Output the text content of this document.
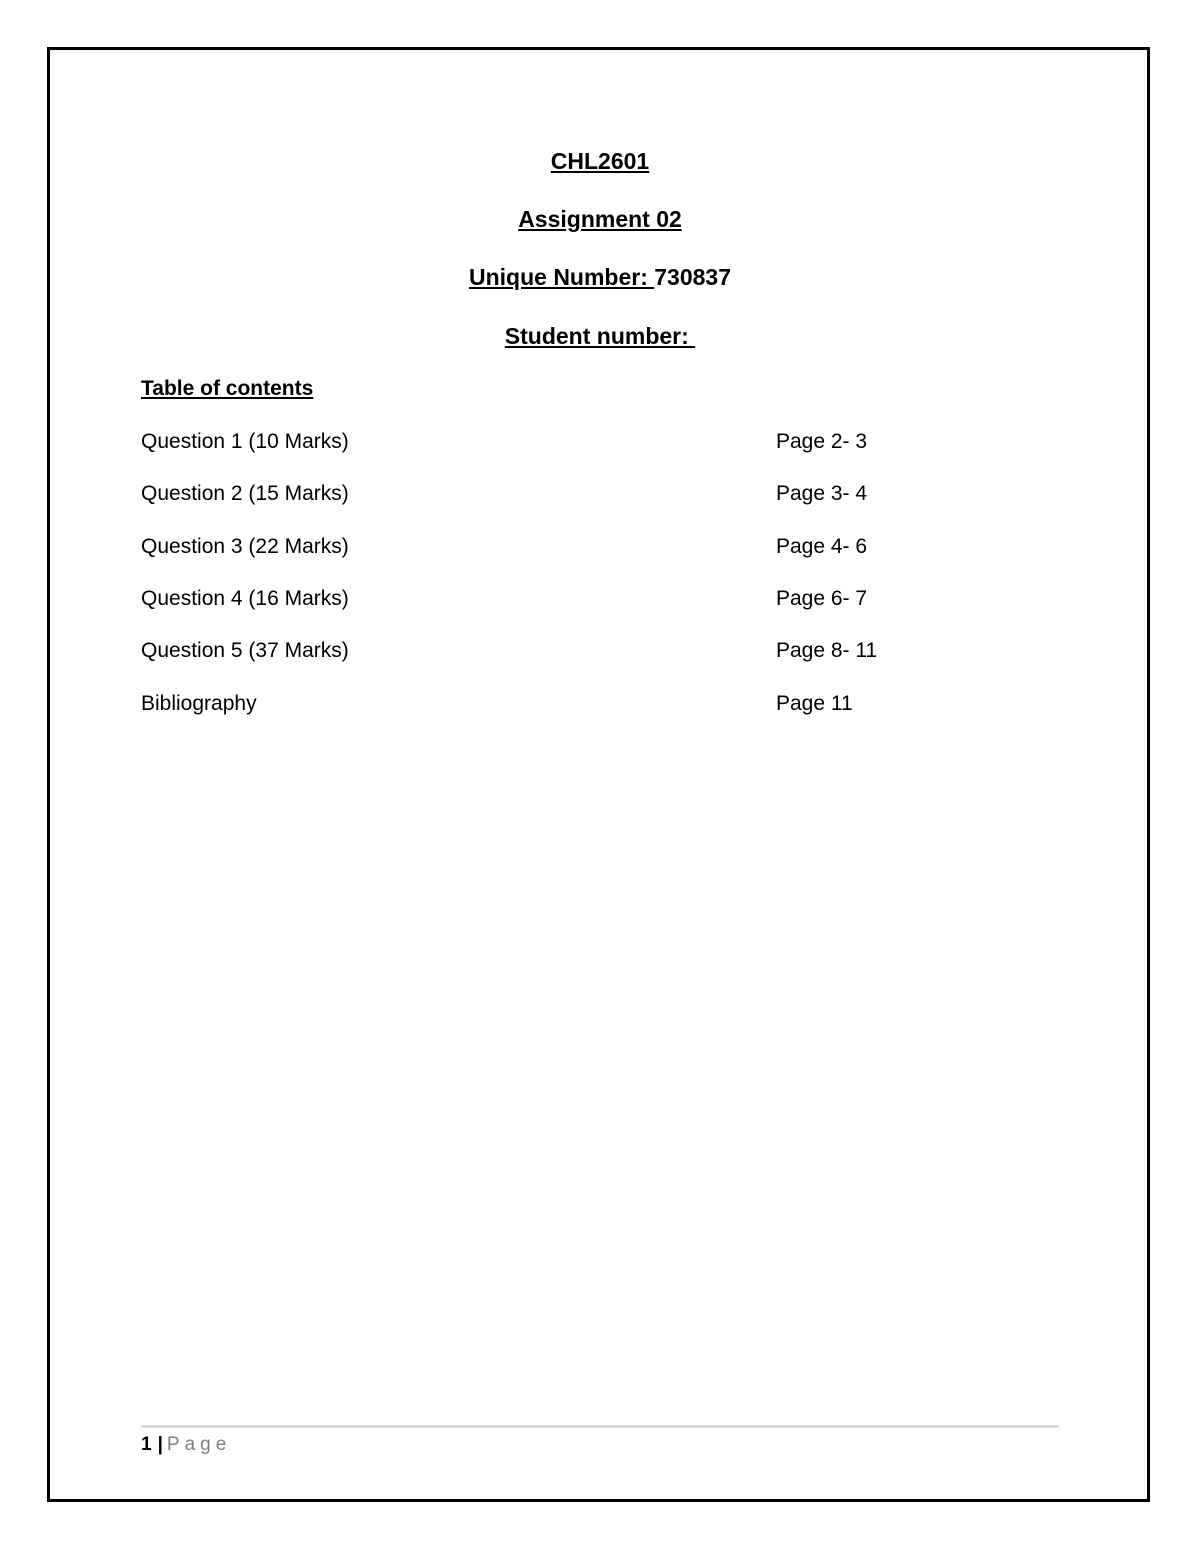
CHL2601
Assignment 02
Unique Number: 730837
Student number:
Table of contents
Question 1 (10 Marks)	Page 2- 3
Question 2 (15 Marks)	Page 3- 4
Question 3 (22 Marks)	Page 4- 6
Question 4 (16 Marks)	Page 6- 7
Question 5 (37 Marks)	Page 8- 11
Bibliography	Page 11
1 | Page
